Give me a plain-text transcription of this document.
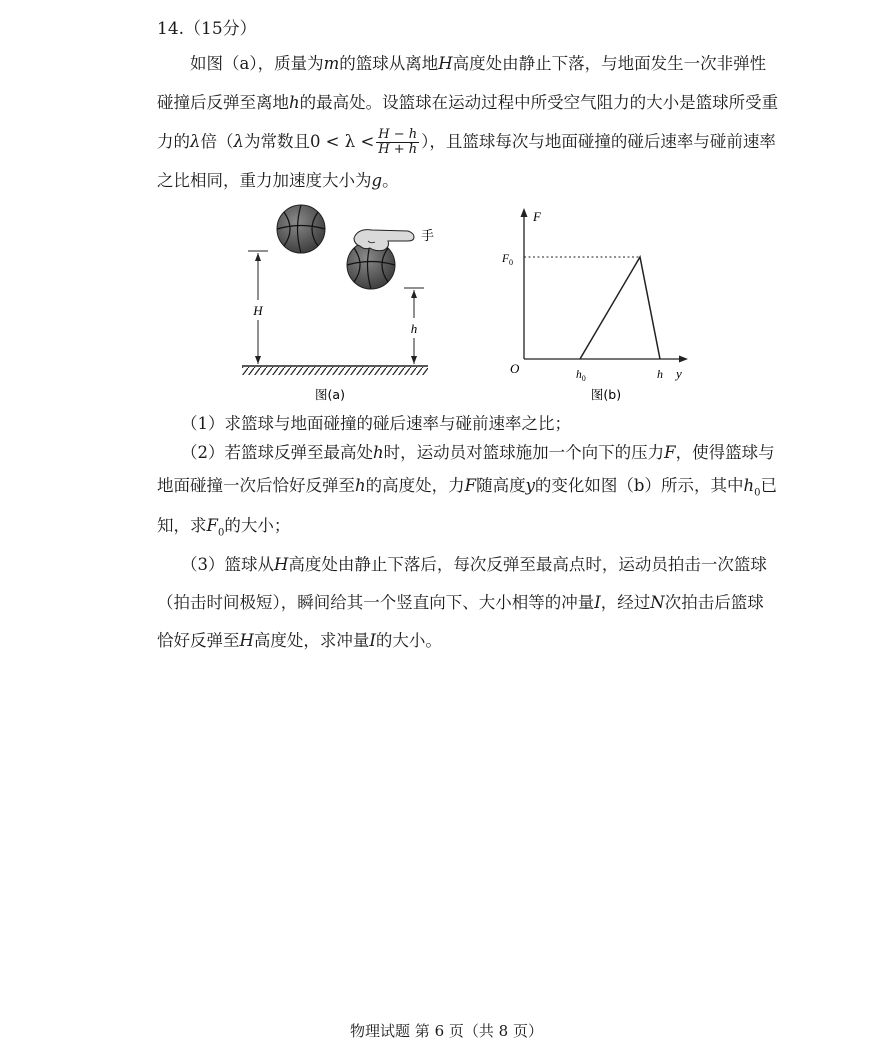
14.（15分）

如图（a），质量为m的篮球从离地H高度处由静止下落，与地面发生一次非弹性碰撞后反弹至离地h的最高处。设篮球在运动过程中所受空气阻力的大小是篮球所受重力的λ倍（λ为常数且$0 < \lambda < \frac{H - h}{H + h}$ ），且篮球每次与地面碰撞的碰后速率与碰前速率之比相同，重力加速度大小为g。

H
h
手
图(a)
F
y
O
$F_0$
$h_0$	h
图(b)

（1）求篮球与地面碰撞的碰后速率与碰前速率之比；

（2）若篮球反弹至最高处h时，运动员对篮球施加一个向下的压力F，使得篮球与地面碰撞一次后恰好反弹至h的高度处，力F随高度y的变化如图（b）所示，其中$h_0$已知，求$F_0$的大小；

（3）篮球从H高度处由静止下落后，每次反弹至最高点时，运动员拍击一次篮球（拍击时间极短），瞬间给其一个竖直向下、大小相等的冲量I，经过N次拍击后篮球恰好反弹至H高度处，求冲量I的大小。

物理试题 第 6 页（共 8 页）
